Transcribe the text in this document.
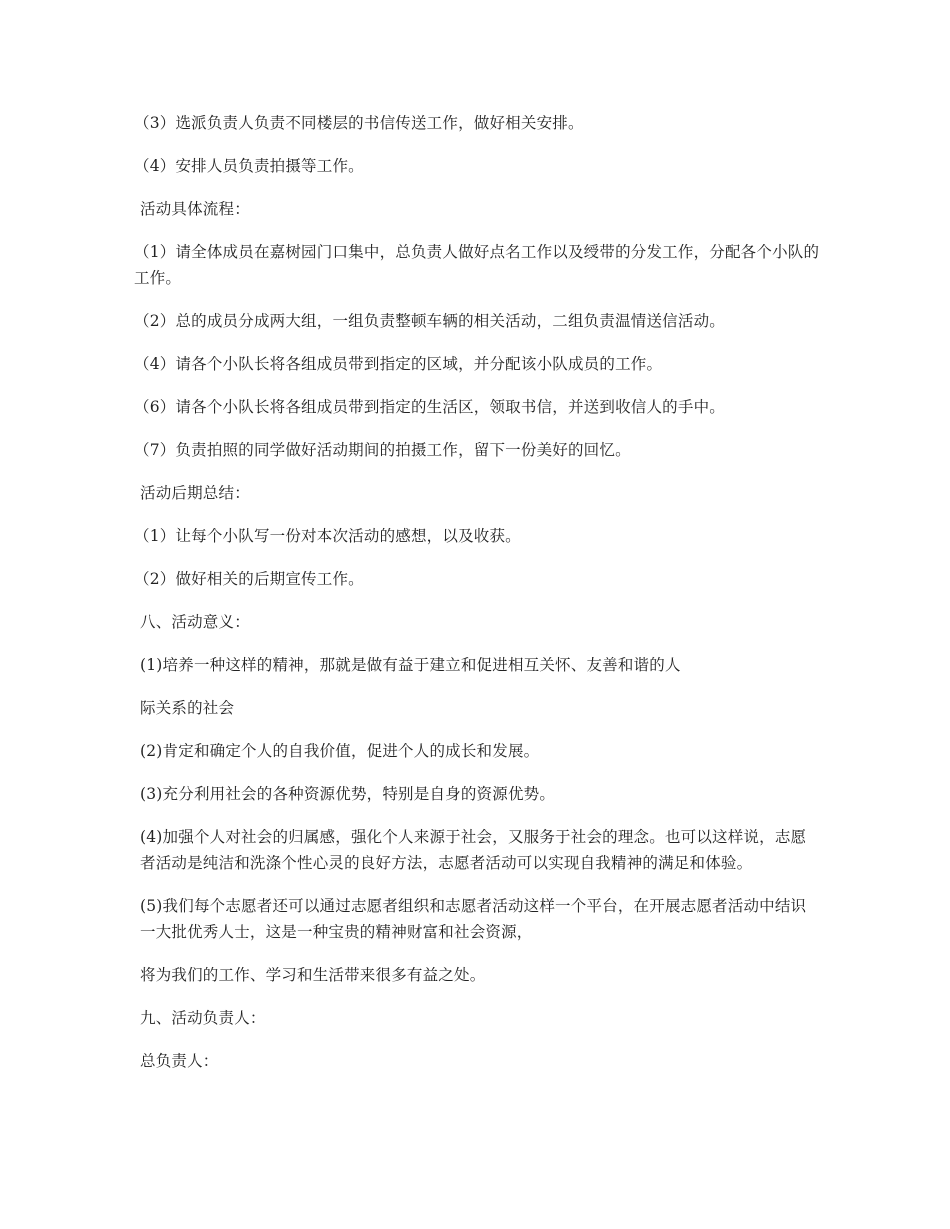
（3）选派负责人负责不同楼层的书信传送工作，做好相关安排。

（4）安排人员负责拍摄等工作。

活动具体流程：

（1）请全体成员在嘉树园门口集中，总负责人做好点名工作以及绶带的分发工作，分配各个小队的工作。

（2）总的成员分成两大组，一组负责整顿车辆的相关活动，二组负责温情送信活动。

（4）请各个小队长将各组成员带到指定的区域，并分配该小队成员的工作。

（6）请各个小队长将各组成员带到指定的生活区，领取书信，并送到收信人的手中。

（7）负责拍照的同学做好活动期间的拍摄工作，留下一份美好的回忆。

活动后期总结：

（1）让每个小队写一份对本次活动的感想，以及收获。

（2）做好相关的后期宣传工作。

八、活动意义：

(1)培养一种这样的精神，那就是做有益于建立和促进相互关怀、友善和谐的人

际关系的社会

(2)肯定和确定个人的自我价值，促进个人的成长和发展。

(3)充分利用社会的各种资源优势，特别是自身的资源优势。

(4)加强个人对社会的归属感，强化个人来源于社会，又服务于社会的理念。也可以这样说，志愿者活动是纯洁和洗涤个性心灵的良好方法，志愿者活动可以实现自我精神的满足和体验。

(5)我们每个志愿者还可以通过志愿者组织和志愿者活动这样一个平台，在开展志愿者活动中结识一大批优秀人士，这是一种宝贵的精神财富和社会资源，

将为我们的工作、学习和生活带来很多有益之处。

九、活动负责人：

总负责人：
